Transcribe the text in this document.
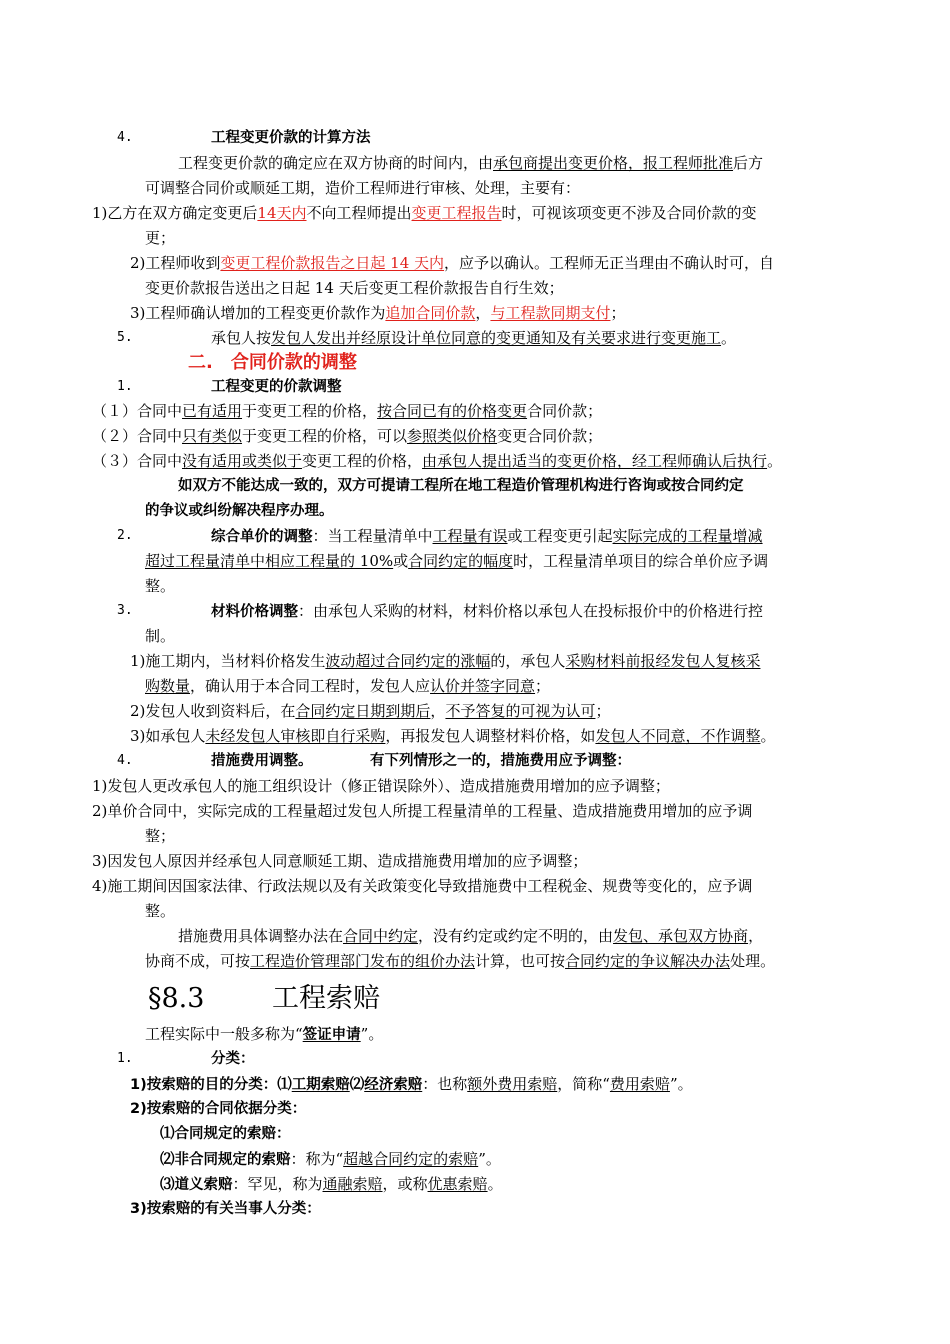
4.	工程变更价款的计算方法
工程变更价款的确定应在双方协商的时间内，由承包商提出变更价格，报工程师批准后方
可调整合同价或顺延工期，造价工程师进行审核、处理，主要有：
1)乙方在双方确定变更后14天内不向工程师提出变更工程报告时，可视该项变更不涉及合同价款的变
更；
2)工程师收到变更工程价款报告之日起 14 天内，应予以确认。工程师无正当理由不确认时可，自
变更价款报告送出之日起 14 天后变更工程价款报告自行生效；
3)工程师确认增加的工程变更价款作为追加合同价款，与工程款同期支付；
5.	承包人按发包人发出并经原设计单位同意的变更通知及有关要求进行变更施工。
二.　合同价款的调整
1.	工程变更的价款调整
（１）合同中已有适用于变更工程的价格，按合同已有的价格变更合同价款；
（２）合同中只有类似于变更工程的价格，可以参照类似价格变更合同价款；
（３）合同中没有适用或类似于变更工程的价格，由承包人提出适当的变更价格，经工程师确认后执行。
如双方不能达成一致的，双方可提请工程所在地工程造价管理机构进行咨询或按合同约定
的争议或纠纷解决程序办理。
2.	综合单价的调整：当工程量清单中工程量有误或工程变更引起实际完成的工程量增减
超过工程量清单中相应工程量的 10%或合同约定的幅度时，工程量清单项目的综合单价应予调
整。
3.	材料价格调整：由承包人采购的材料，材料价格以承包人在投标报价中的价格进行控
制。
1)施工期内，当材料价格发生波动超过合同约定的涨幅的，承包人采购材料前报经发包人复核采
购数量，确认用于本合同工程时，发包人应认价并签字同意；
2)发包人收到资料后，在合同约定日期到期后，不予答复的可视为认可；
3)如承包人未经发包人审核即自行采购，再报发包人调整材料价格，如发包人不同意，不作调整。
4.	措施费用调整。	有下列情形之一的，措施费用应予调整：
1)发包人更改承包人的施工组织设计（修正错误除外）、造成措施费用增加的应予调整；
2)单价合同中，实际完成的工程量超过发包人所提工程量清单的工程量、造成措施费用增加的应予调
整；
3)因发包人原因并经承包人同意顺延工期、造成措施费用增加的应予调整；
4)施工期间因国家法律、行政法规以及有关政策变化导致措施费中工程税金、规费等变化的，应予调
整。
措施费用具体调整办法在合同中约定，没有约定或约定不明的，由发包、承包双方协商，
协商不成，可按工程造价管理部门发布的组价办法计算，也可按合同约定的争议解决办法处理。
§8.3	工程索赔
工程实际中一般多称为“签证申请”。
1.	分类：
1)按索赔的目的分类：⑴工期索赔⑵经济索赔：也称额外费用索赔，简称“费用索赔”。
2)按索赔的合同依据分类：
⑴合同规定的索赔：
⑵非合同规定的索赔：称为“超越合同约定的索赔”。
⑶道义索赔：罕见，称为通融索赔，或称优惠索赔。
3)按索赔的有关当事人分类：
